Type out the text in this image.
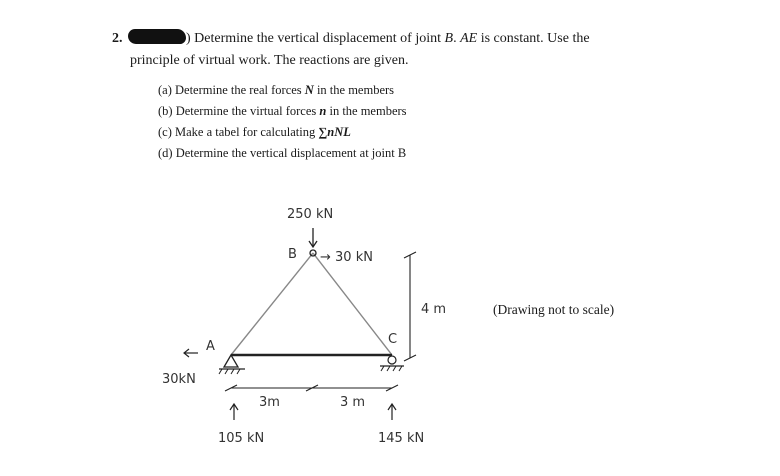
2.	) Determine the vertical displacement of joint B. AE is constant. Use the
principle of virtual work. The reactions are given.
(a) Determine the real forces N in the members
(b) Determine the virtual forces n in the members
(c) Make a tabel for calculating ∑nNL
(d) Determine the vertical displacement at joint B
(Drawing not to scale)
250 kN
B → 30 kN
A	C
30kN
4 m
3m	3 m
105 kN	145 kN
